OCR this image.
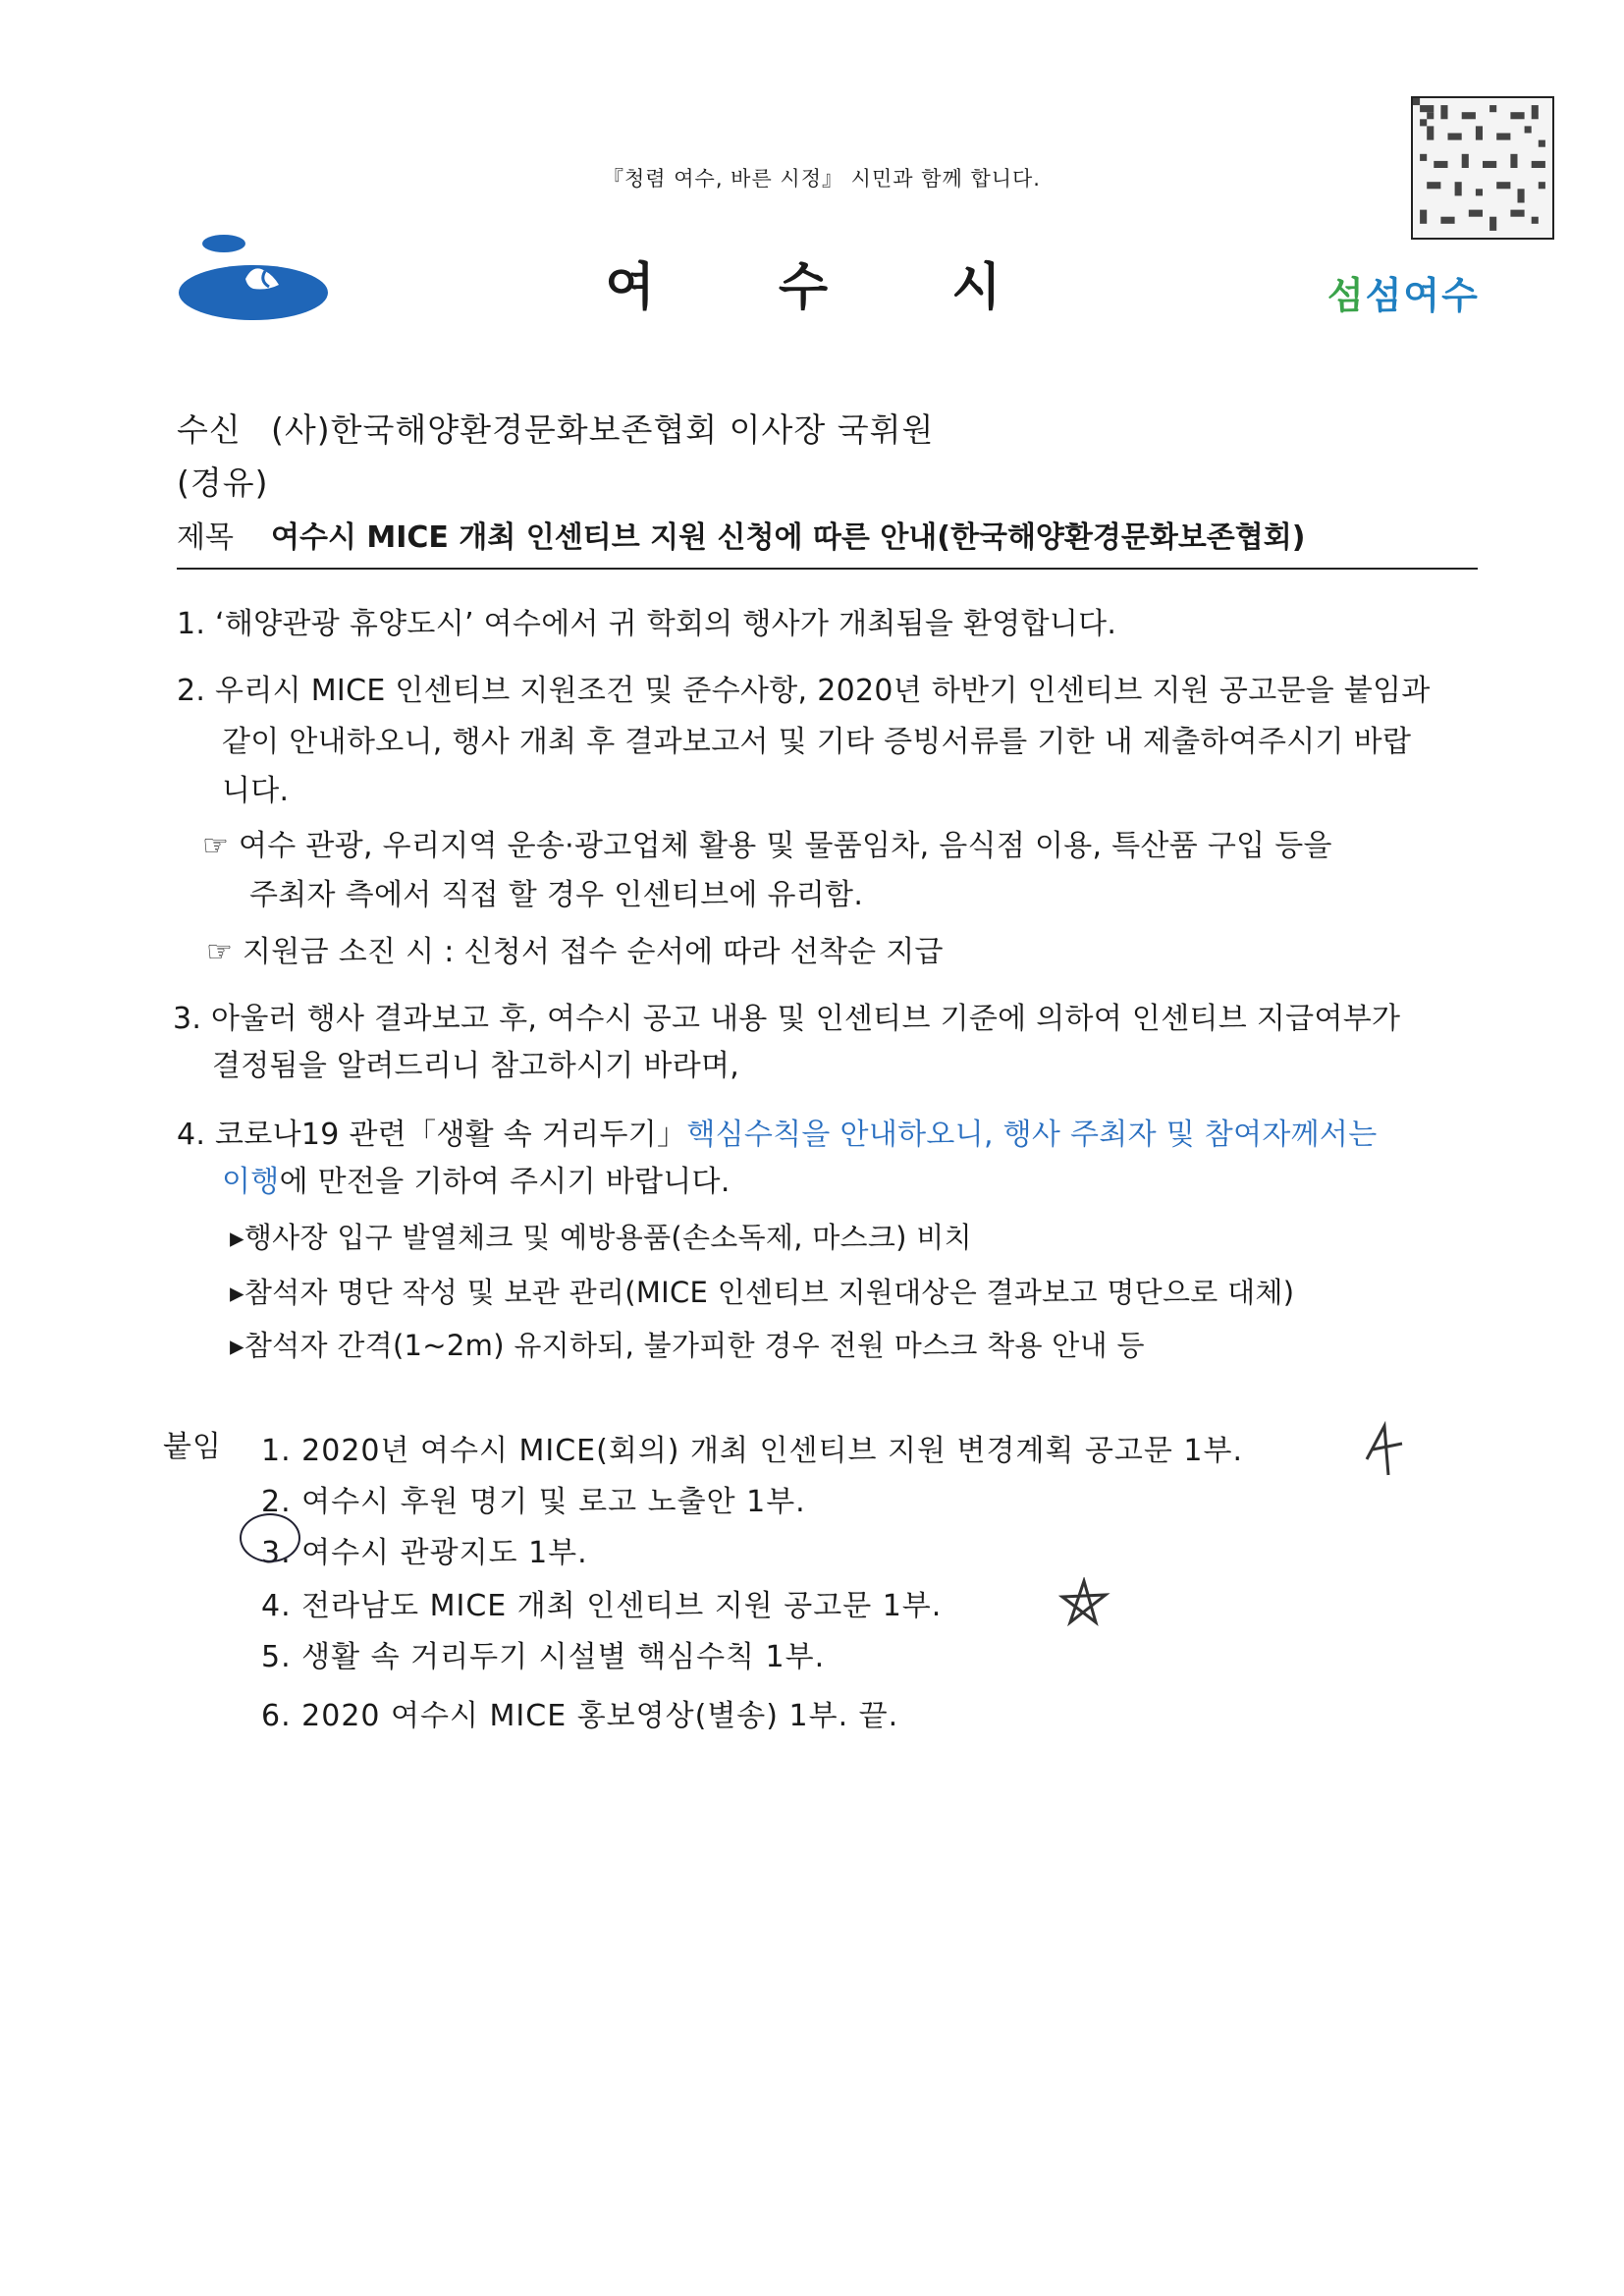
『청렴 여수, 바른 시정』 시민과 함께 합니다.
여 수 시	섬섬여수
수신 (사)한국해양환경문화보존협회 이사장 국휘원
(경유)
제목 여수시 MICE 개최 인센티브 지원 신청에 따른 안내(한국해양환경문화보존협회)
1. ‘해양관광 휴양도시’ 여수에서 귀 학회의 행사가 개최됨을 환영합니다.
2. 우리시 MICE 인센티브 지원조건 및 준수사항, 2020년 하반기 인센티브 지원 공고문을 붙임과
같이 안내하오니, 행사 개최 후 결과보고서 및 기타 증빙서류를 기한 내 제출하여주시기 바랍
니다.
☞ 여수 관광, 우리지역 운송·광고업체 활용 및 물품임차, 음식점 이용, 특산품 구입 등을
주최자 측에서 직접 할 경우 인센티브에 유리함.
☞ 지원금 소진 시 : 신청서 접수 순서에 따라 선착순 지급
3. 아울러 행사 결과보고 후, 여수시 공고 내용 및 인센티브 기준에 의하여 인센티브 지급여부가
결정됨을 알려드리니 참고하시기 바라며,
4. 코로나19 관련「생활 속 거리두기」핵심수칙을 안내하오니, 행사 주최자 및 참여자께서는
이행에 만전을 기하여 주시기 바랍니다.
▸행사장 입구 발열체크 및 예방용품(손소독제, 마스크) 비치
▸참석자 명단 작성 및 보관 관리(MICE 인센티브 지원대상은 결과보고 명단으로 대체)
▸참석자 간격(1~2m) 유지하되, 불가피한 경우 전원 마스크 착용 안내 등
붙임 1. 2020년 여수시 MICE(회의) 개최 인센티브 지원 변경계획 공고문 1부.
2. 여수시 후원 명기 및 로고 노출안 1부.
3. 여수시 관광지도 1부.
4. 전라남도 MICE 개최 인센티브 지원 공고문 1부.
5. 생활 속 거리두기 시설별 핵심수칙 1부.
6. 2020 여수시 MICE 홍보영상(별송) 1부. 끝.
